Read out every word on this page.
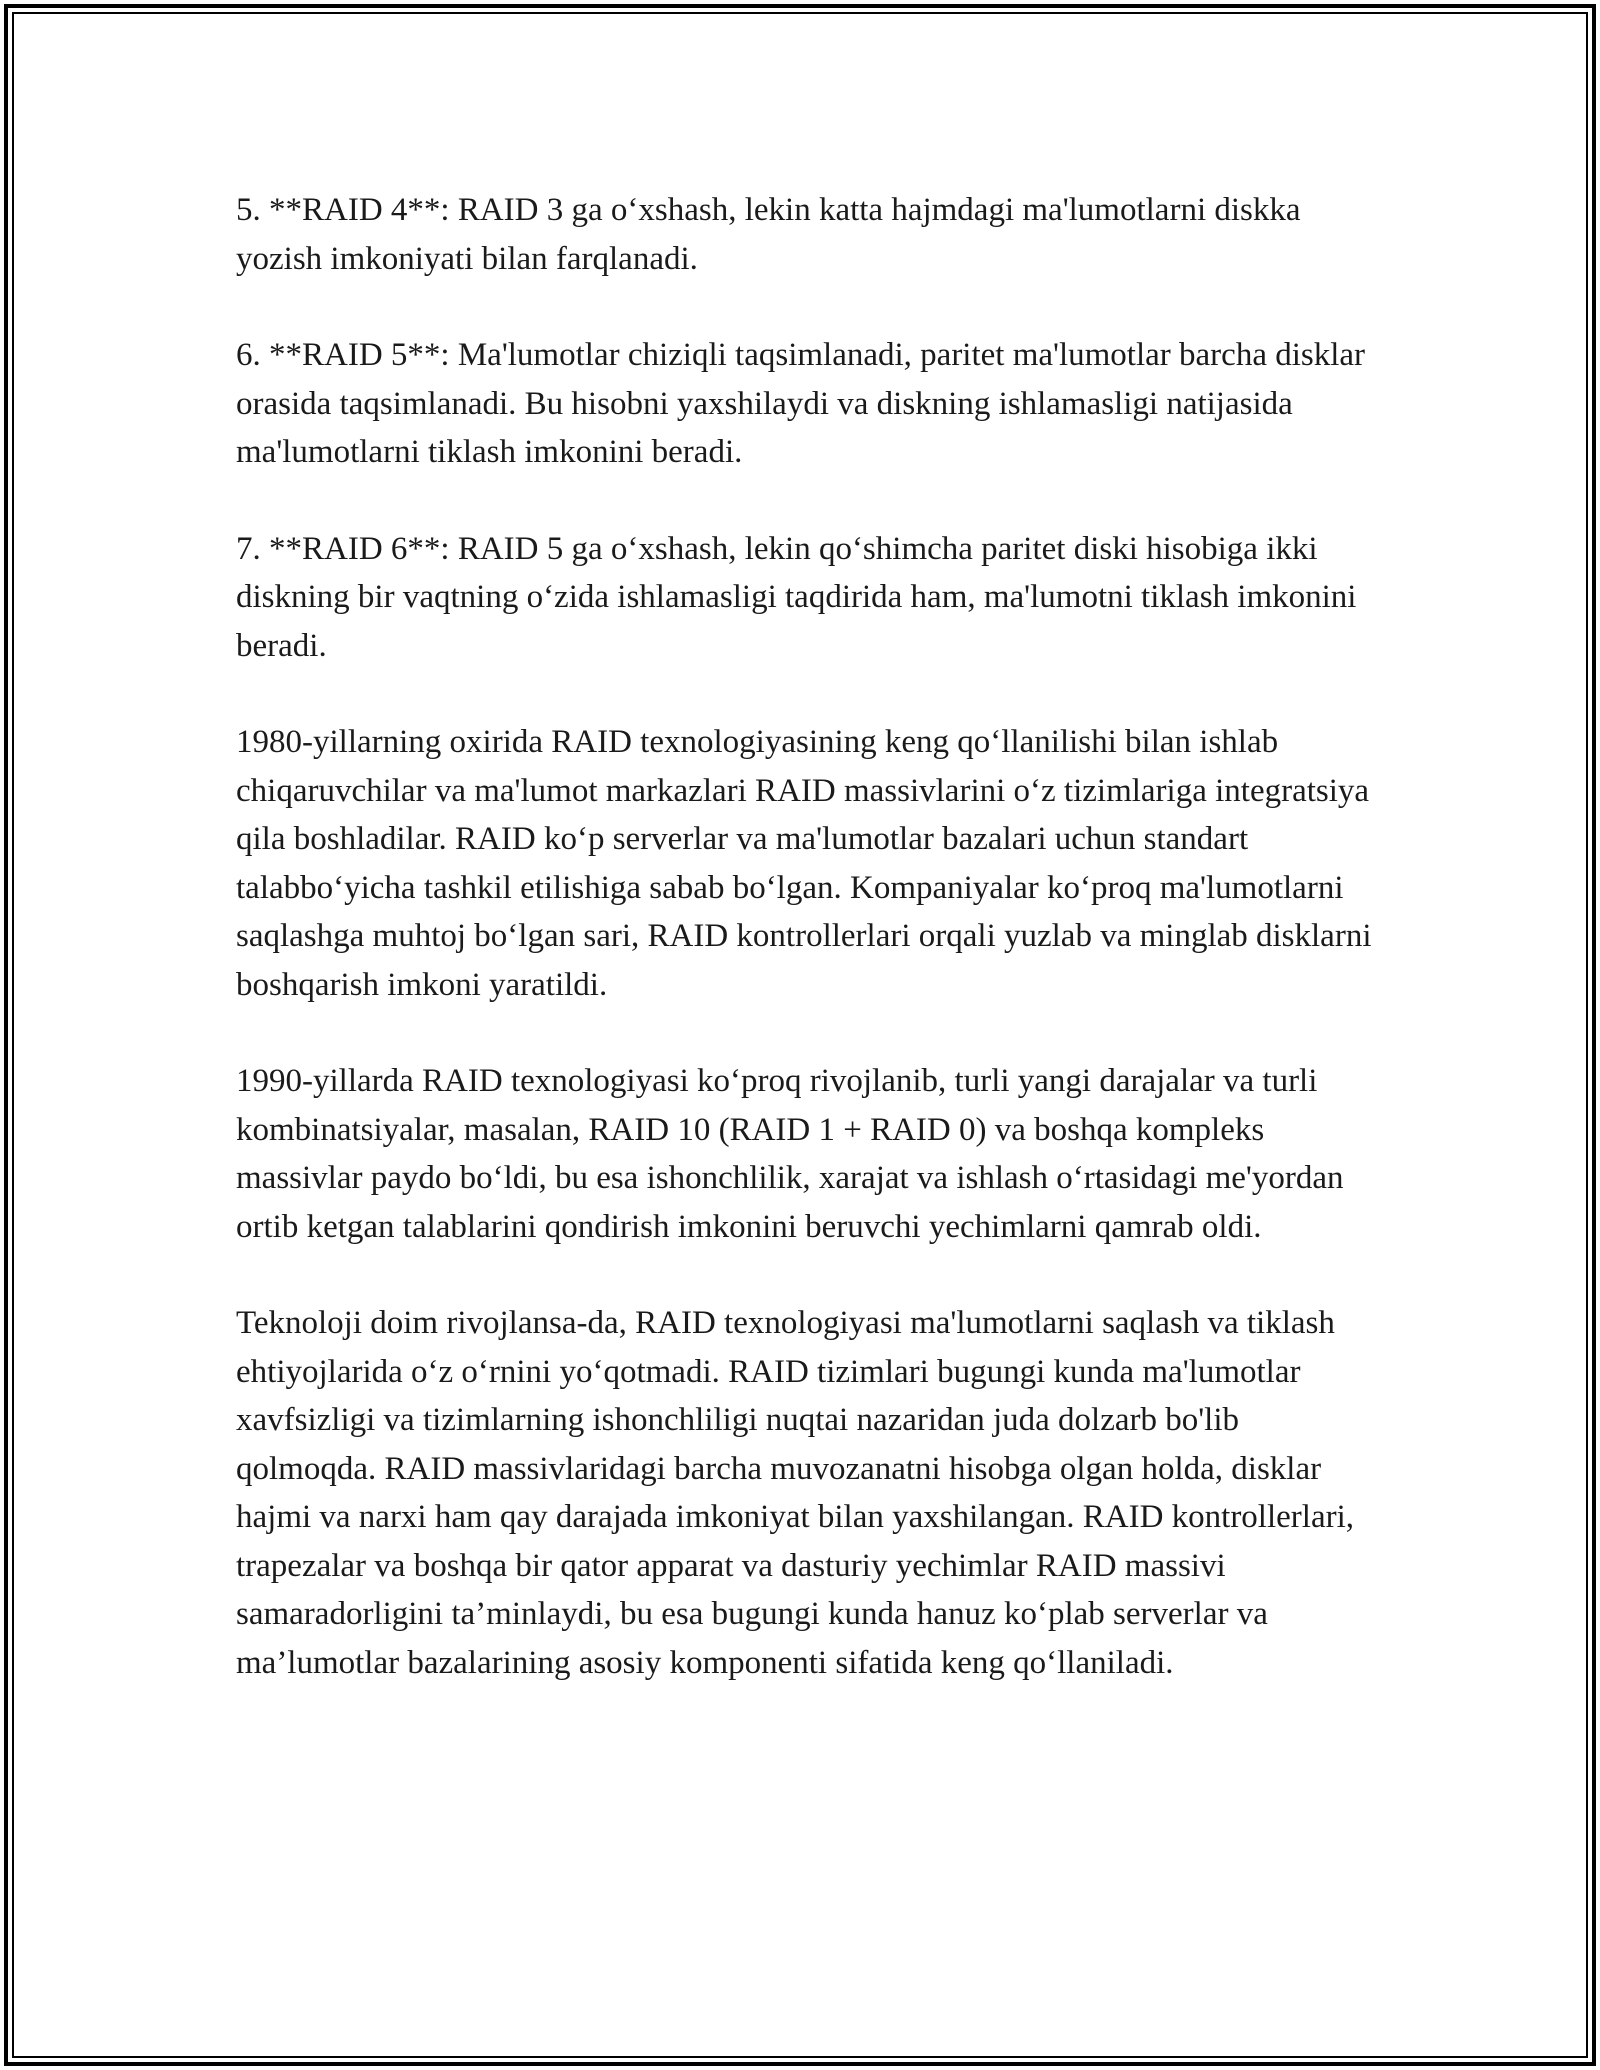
5. **RAID 4**: RAID 3 ga o‘xshash, lekin katta hajmdagi ma'lumotlarni diskka yozish imkoniyati bilan farqlanadi.

6. **RAID 5**: Ma'lumotlar chiziqli taqsimlanadi, paritet ma'lumotlar barcha disklar orasida taqsimlanadi. Bu hisobni yaxshilaydi va diskning ishlamasligi natijasida ma'lumotlarni tiklash imkonini beradi.

7. **RAID 6**: RAID 5 ga o‘xshash, lekin qo‘shimcha paritet diski hisobiga ikki diskning bir vaqtning o‘zida ishlamasligi taqdirida ham, ma'lumotni tiklash imkonini beradi.

1980-yillarning oxirida RAID texnologiyasining keng qo‘llanilishi bilan ishlab chiqaruvchilar va ma'lumot markazlari RAID massivlarini o‘z tizimlariga integratsiya qila boshladilar. RAID ko‘p serverlar va ma'lumotlar bazalari uchun standart talabbo‘yicha tashkil etilishiga sabab bo‘lgan. Kompaniyalar ko‘proq ma'lumotlarni saqlashga muhtoj bo‘lgan sari, RAID kontrollerlari orqali yuzlab va minglab disklarni boshqarish imkoni yaratildi.

1990-yillarda RAID texnologiyasi ko‘proq rivojlanib, turli yangi darajalar va turli kombinatsiyalar, masalan, RAID 10 (RAID 1 + RAID 0) va boshqa kompleks massivlar paydo bo‘ldi, bu esa ishonchlilik, xarajat va ishlash o‘rtasidagi me'yordan ortib ketgan talablarini qondirish imkonini beruvchi yechimlarni qamrab oldi.

Teknoloji doim rivojlansa-da, RAID texnologiyasi ma'lumotlarni saqlash va tiklash ehtiyojlarida o‘z o‘rnini yo‘qotmadi. RAID tizimlari bugungi kunda ma'lumotlar xavfsizligi va tizimlarning ishonchliligi nuqtai nazaridan juda dolzarb bo'lib qolmoqda. RAID massivlaridagi barcha muvozanatni hisobga olgan holda, disklar hajmi va narxi ham qay darajada imkoniyat bilan yaxshilangan. RAID kontrollerlari, trapezalar va boshqa bir qator apparat va dasturiy yechimlar RAID massivi samaradorligini ta’minlaydi, bu esa bugungi kunda hanuz ko‘plab serverlar va ma’lumotlar bazalarining asosiy komponenti sifatida keng qo‘llaniladi.
